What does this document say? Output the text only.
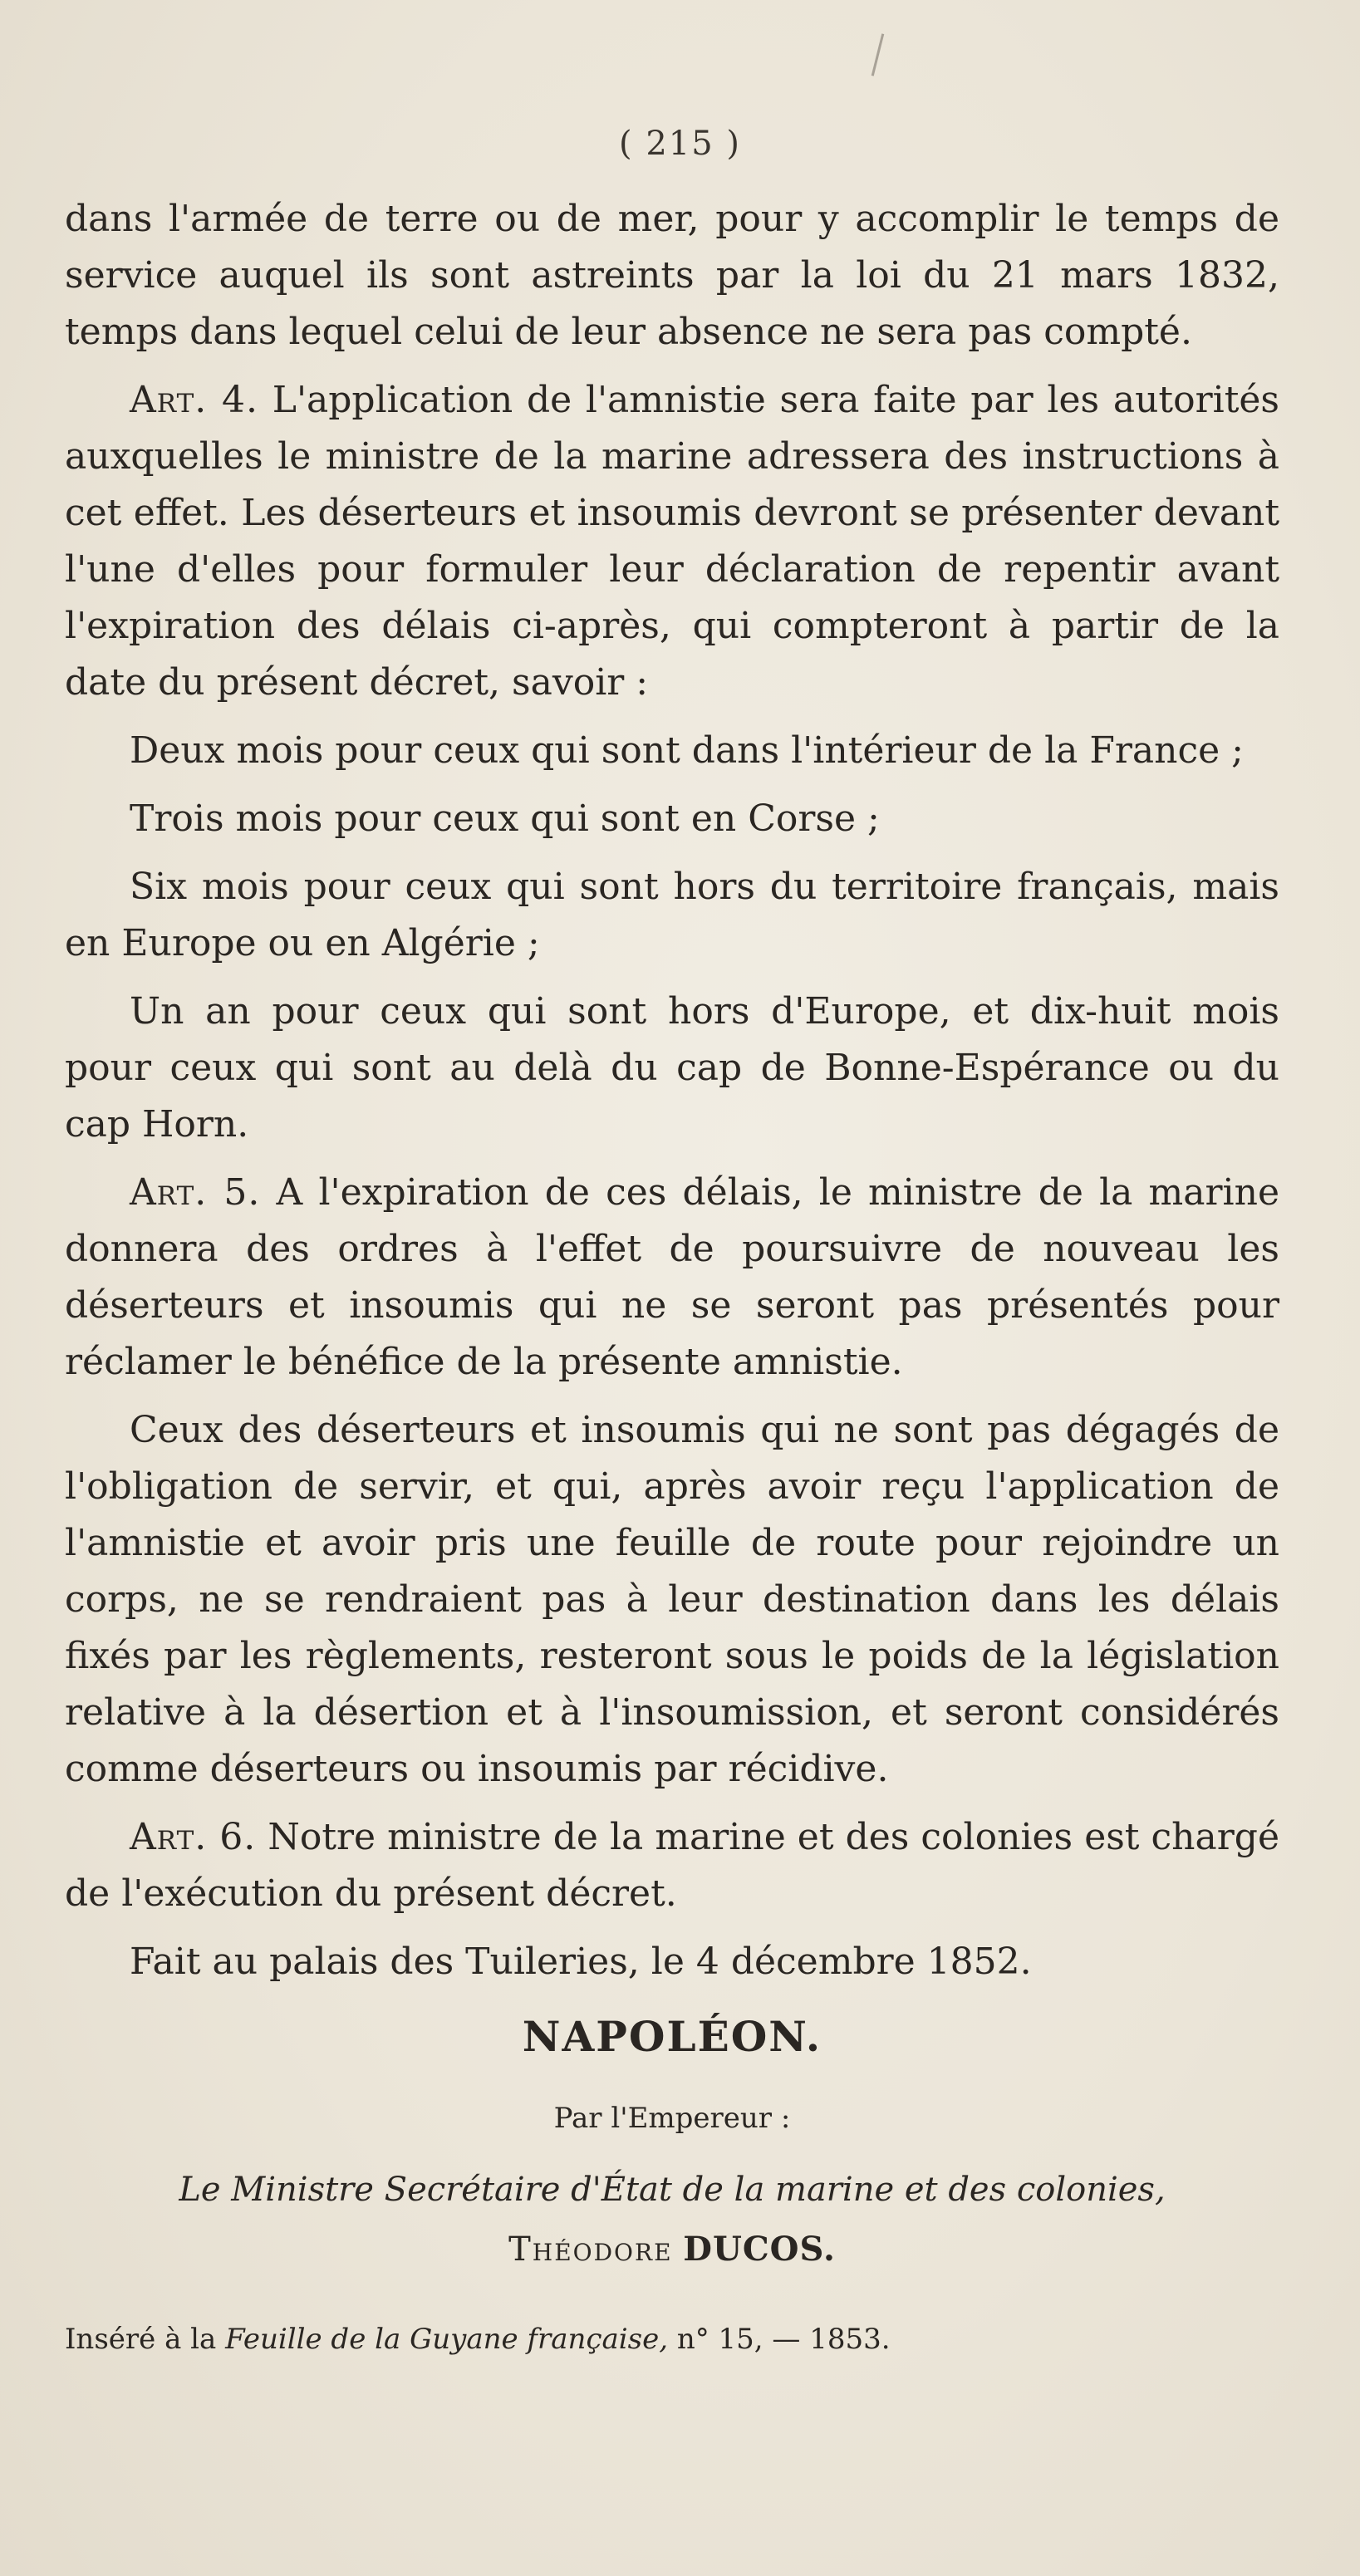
( 215 )

dans l'armée de terre ou de mer, pour y accomplir le temps de service auquel ils sont astreints par la loi du 21 mars 1832, temps dans lequel celui de leur absence ne sera pas compté.

Art. 4. L'application de l'amnistie sera faite par les autorités auxquelles le ministre de la marine adressera des instructions à cet effet. Les déserteurs et insoumis devront se présenter devant l'une d'elles pour formuler leur déclaration de repentir avant l'expiration des délais ci-après, qui compteront à partir de la date du présent décret, savoir :

Deux mois pour ceux qui sont dans l'intérieur de la France ;

Trois mois pour ceux qui sont en Corse ;

Six mois pour ceux qui sont hors du territoire français, mais en Europe ou en Algérie ;

Un an pour ceux qui sont hors d'Europe, et dix-huit mois pour ceux qui sont au delà du cap de Bonne-Espérance ou du cap Horn.

Art. 5. A l'expiration de ces délais, le ministre de la marine donnera des ordres à l'effet de poursuivre de nouveau les déserteurs et insoumis qui ne se seront pas présentés pour réclamer le bénéfice de la présente amnistie.

Ceux des déserteurs et insoumis qui ne sont pas dégagés de l'obligation de servir, et qui, après avoir reçu l'application de l'amnistie et avoir pris une feuille de route pour rejoindre un corps, ne se rendraient pas à leur destination dans les délais fixés par les règlements, resteront sous le poids de la législation relative à la désertion et à l'insoumission, et seront considérés comme déserteurs ou insoumis par récidive.

Art. 6. Notre ministre de la marine et des colonies est chargé de l'exécution du présent décret.

Fait au palais des Tuileries, le 4 décembre 1852.

NAPOLÉON.

Par l'Empereur :

Le Ministre Secrétaire d'État de la marine et des colonies,

Théodore DUCOS.

Inséré à la Feuille de la Guyane française, n° 15, — 1853.
